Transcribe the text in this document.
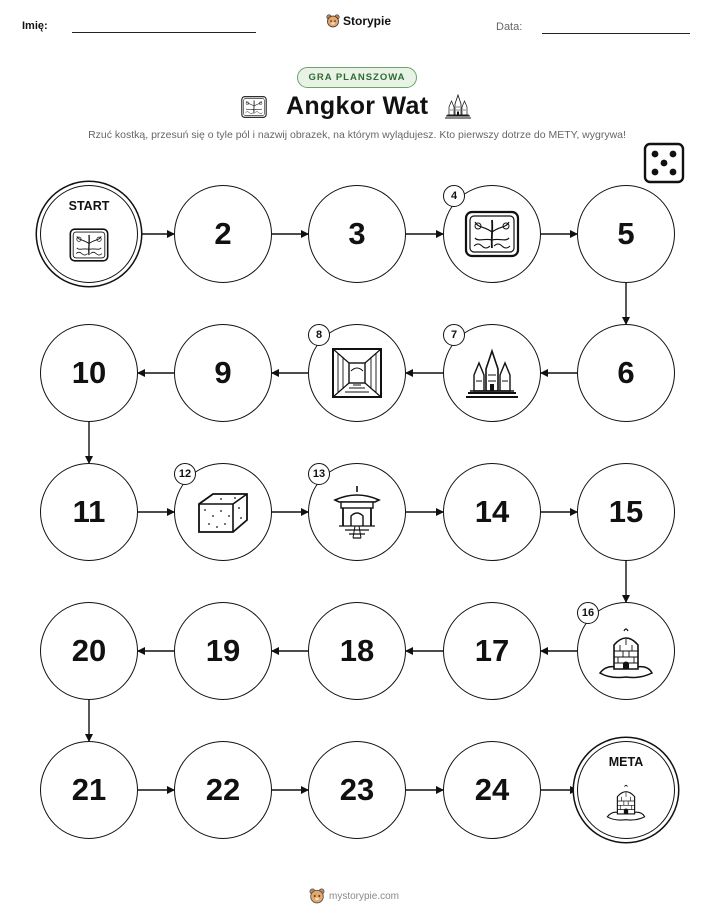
Imię:	Storypie	Data:
GRA PLANSZOWA
Angkor Wat
Rzuć kostką, przesuń się o tyle pól i nazwij obrazek, na którym wylądujesz. Kto pierwszy dotrze do METY, wygrywa!
START
2	3
4
5
6
7
8
9
10
11
12	13
14	15
16
17
18
19
20
21	22	23	24
META
mystorypie.com
